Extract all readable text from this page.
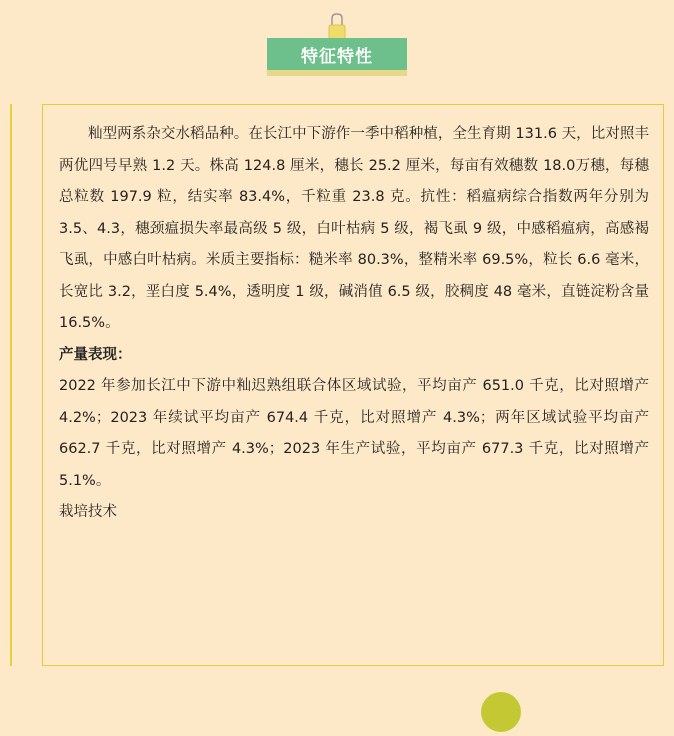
特征特性

籼型两系杂交水稻品种。在长江中下游作一季中稻种植，全生育期 131.6 天，比对照丰两优四号早熟 1.2 天。株高 124.8 厘米，穗长 25.2 厘米，每亩有效穗数 18.0万穗，每穗总粒数 197.9 粒，结实率 83.4%，千粒重 23.8 克。抗性：稻瘟病综合指数两年分别为 3.5、4.3，穗颈瘟损失率最高级 5 级，白叶枯病 5 级，褐飞虱 9 级，中感稻瘟病，高感褐飞虱，中感白叶枯病。米质主要指标：糙米率 80.3%，整精米率 69.5%，粒长 6.6 毫米，长宽比 3.2，垩白度 5.4%，透明度 1 级，碱消值 6.5 级，胶稠度 48 毫米，直链淀粉含量 16.5%。

产量表现：

2022 年参加长江中下游中籼迟熟组联合体区域试验，平均亩产 651.0 千克，比对照增产 4.2%；2023 年续试平均亩产 674.4 千克，比对照增产 4.3%；两年区域试验平均亩产 662.7 千克，比对照增产 4.3%；2023 年生产试验，平均亩产 677.3 千克，比对照增产5.1%。

栽培技术
